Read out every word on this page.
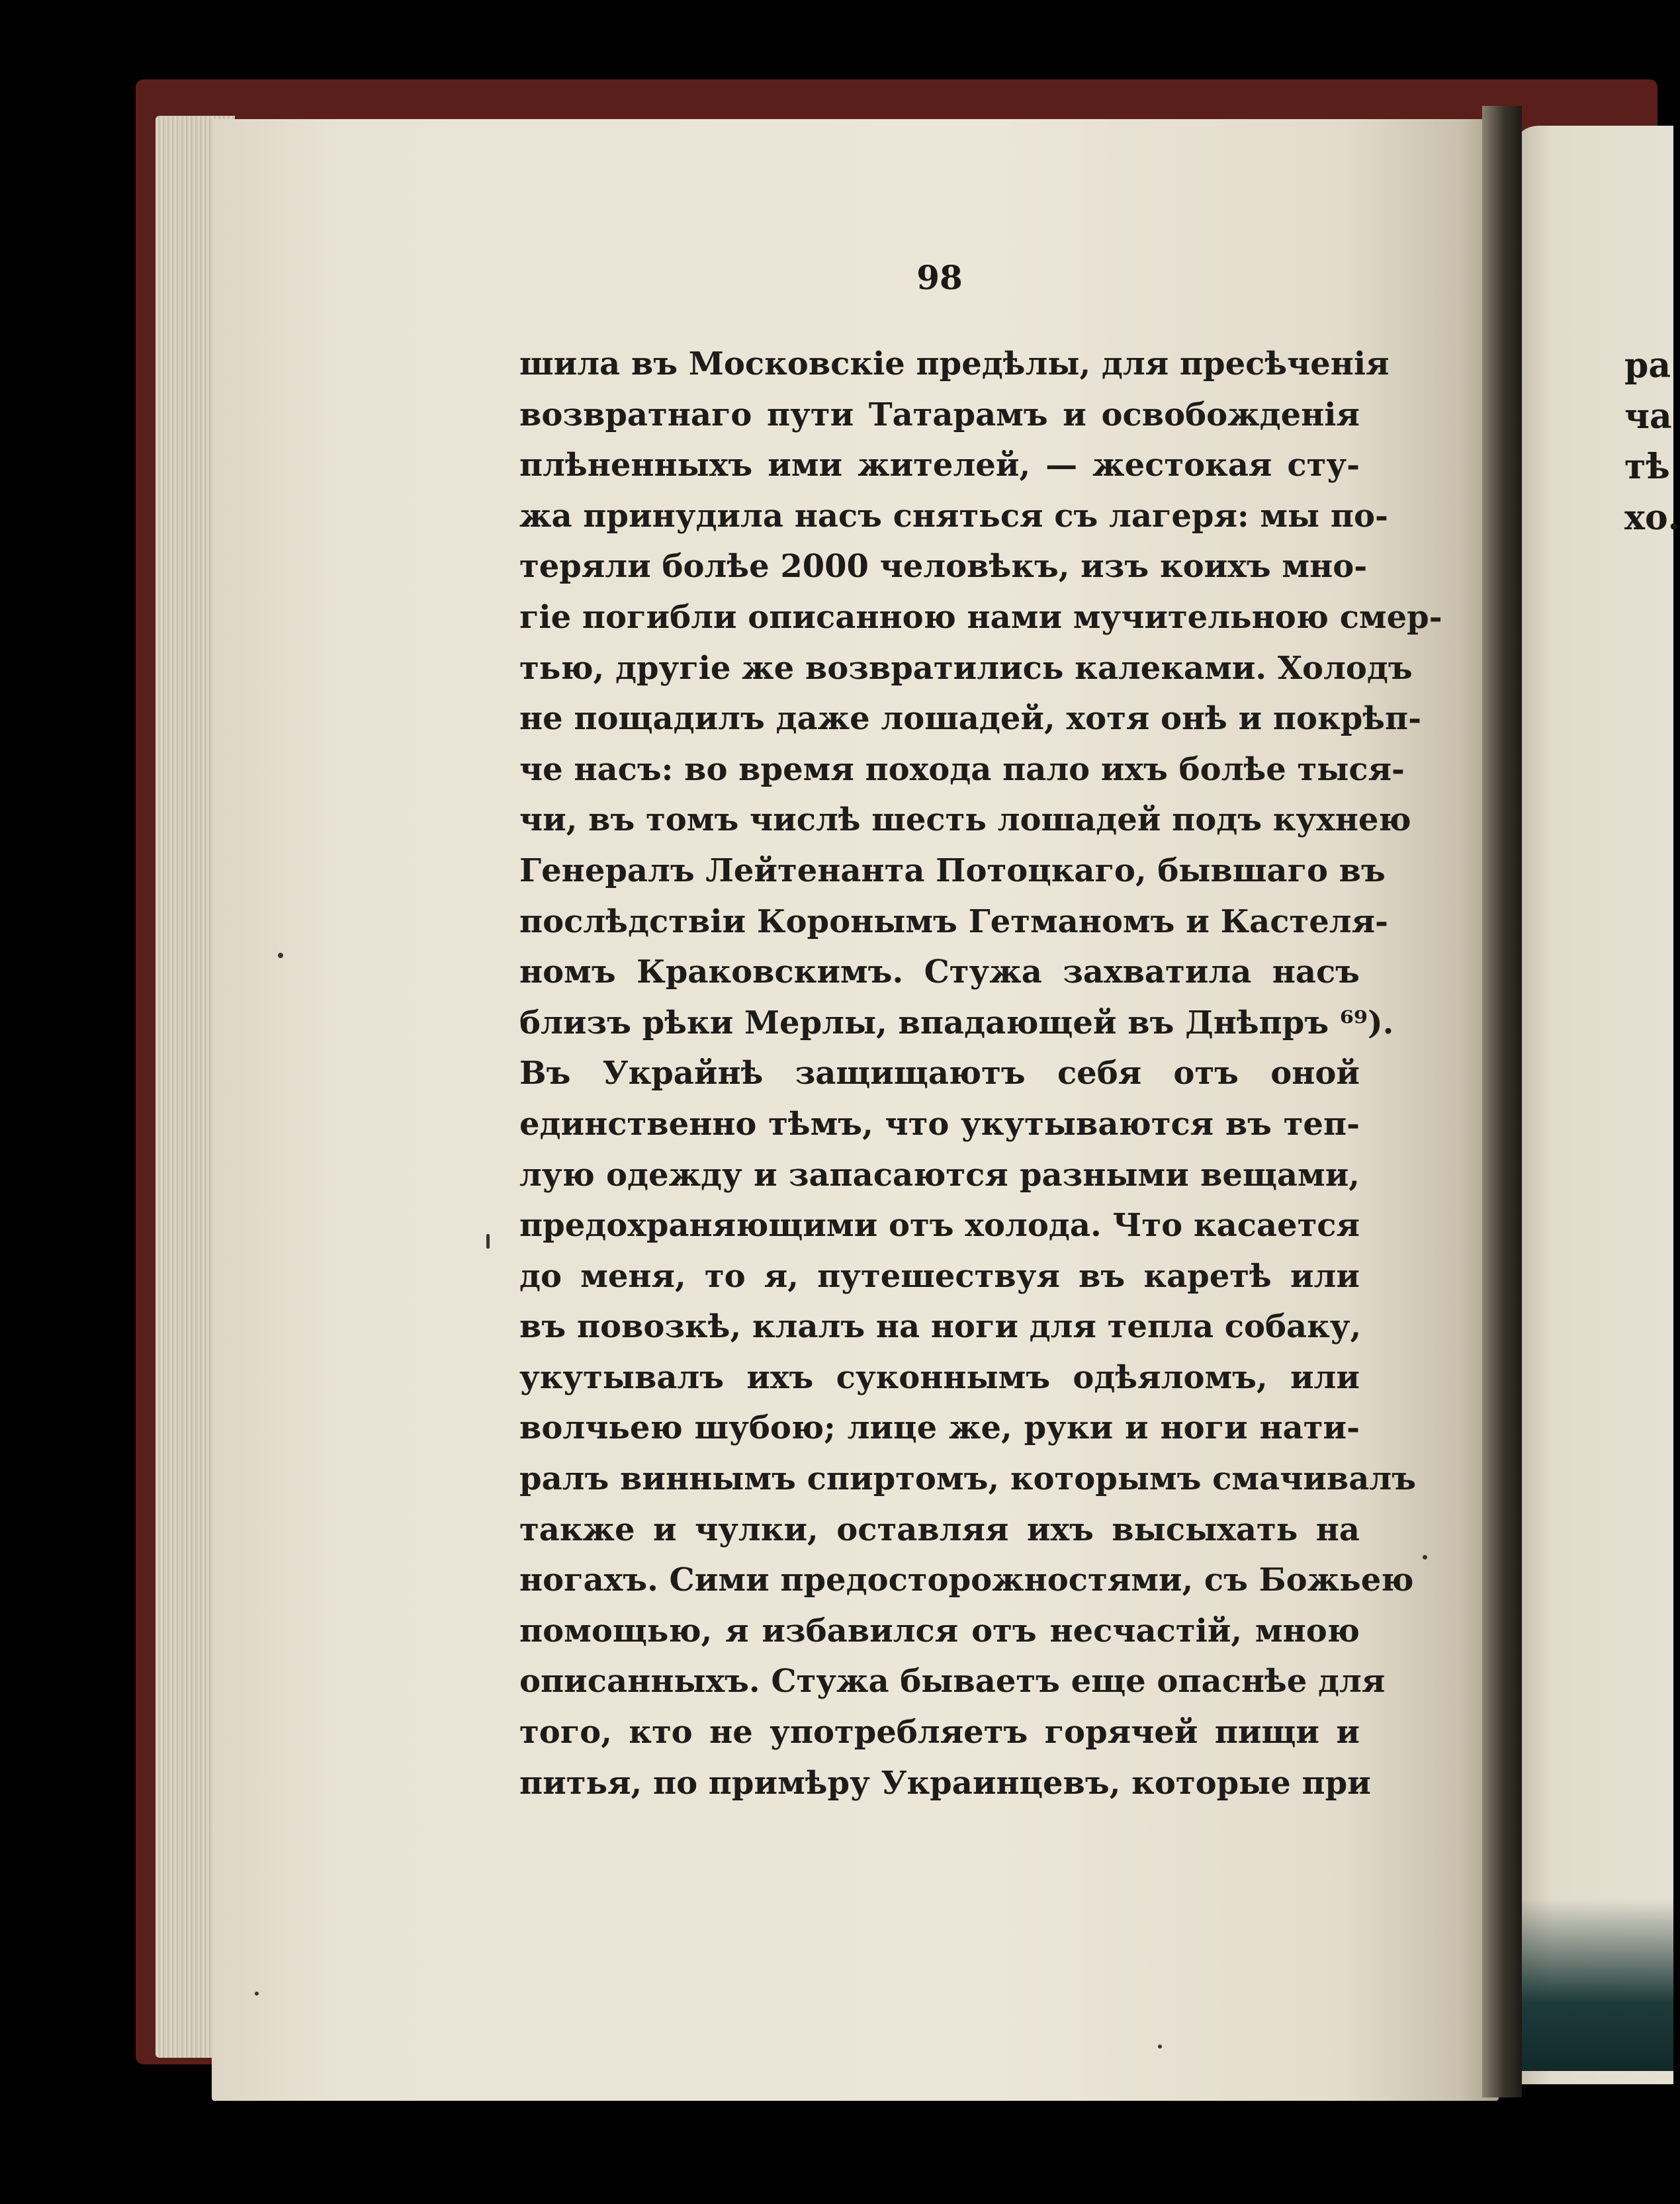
ра
ча
тѣ
хо.
98
шила въ Московскіе предѣлы, для пресѣченія
возвратнаго пути Татарамъ и освобожденія
плѣненныхъ ими жителей, — жестокая сту-
жа принудила насъ сняться съ лагеря: мы по-
теряли болѣе 2000 человѣкъ, изъ коихъ мно-
гіе погибли описанною нами мучительною смер-
тью, другіе же возвратились калеками. Холодъ
не пощадилъ даже лошадей, хотя онѣ и покрѣп-
че насъ: во время похода пало ихъ болѣе тыся-
чи, въ томъ числѣ шесть лошадей подъ кухнею
Генералъ Лейтенанта Потоцкаго, бывшаго въ
послѣдствіи Коронымъ Гетманомъ и Кастеля-
номъ Краковскимъ. Стужа захватила насъ
близъ рѣки Мерлы, впадающей въ Днѣпръ ⁶⁹).
Въ Украйнѣ защищаютъ себя отъ оной
единственно тѣмъ, что укутываются въ теп-
лую одежду и запасаются разными вещами,
предохраняющими отъ холода. Что касается
до меня, то я, путешествуя въ каретѣ или
въ повозкѣ, клалъ на ноги для тепла собаку,
укутывалъ ихъ суконнымъ одѣяломъ, или
волчьею шубою; лице же, руки и ноги нати-
ралъ виннымъ спиртомъ, которымъ смачивалъ
также и чулки, оставляя ихъ высыхать на
ногахъ. Сими предосторожностями, съ Божьею
помощью, я избавился отъ несчастій, мною
описанныхъ. Стужа бываетъ еще опаснѣе для
того, кто не употребляетъ горячей пищи и
питья, по примѣру Украинцевъ, которые при
